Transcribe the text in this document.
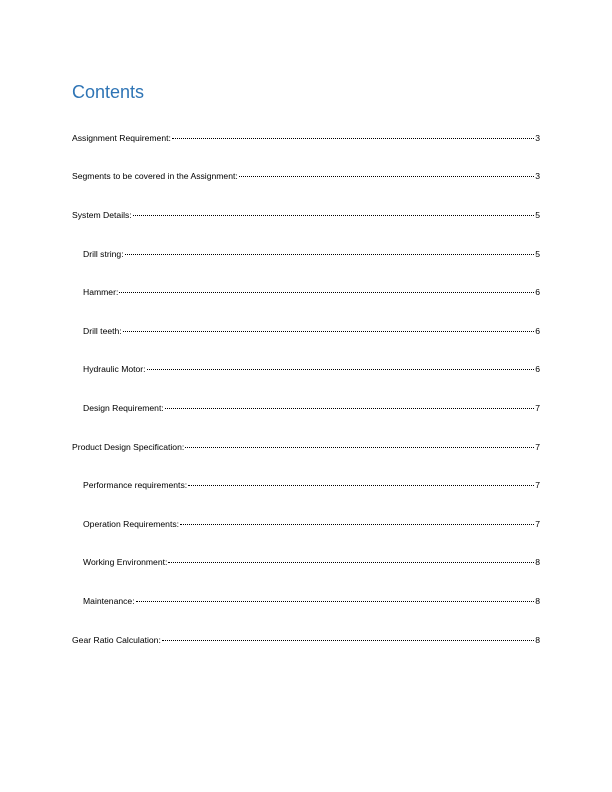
Contents
Assignment Requirement:	3
Segments to be covered in the Assignment:	3
System Details:	5
Drill string:	5
Hammer:	6
Drill teeth:	6
Hydraulic Motor:	6
Design Requirement:	7
Product Design Specification:	7
Performance requirements:	7
Operation Requirements:	7
Working Environment:	8
Maintenance:	8
Gear Ratio Calculation:	8
